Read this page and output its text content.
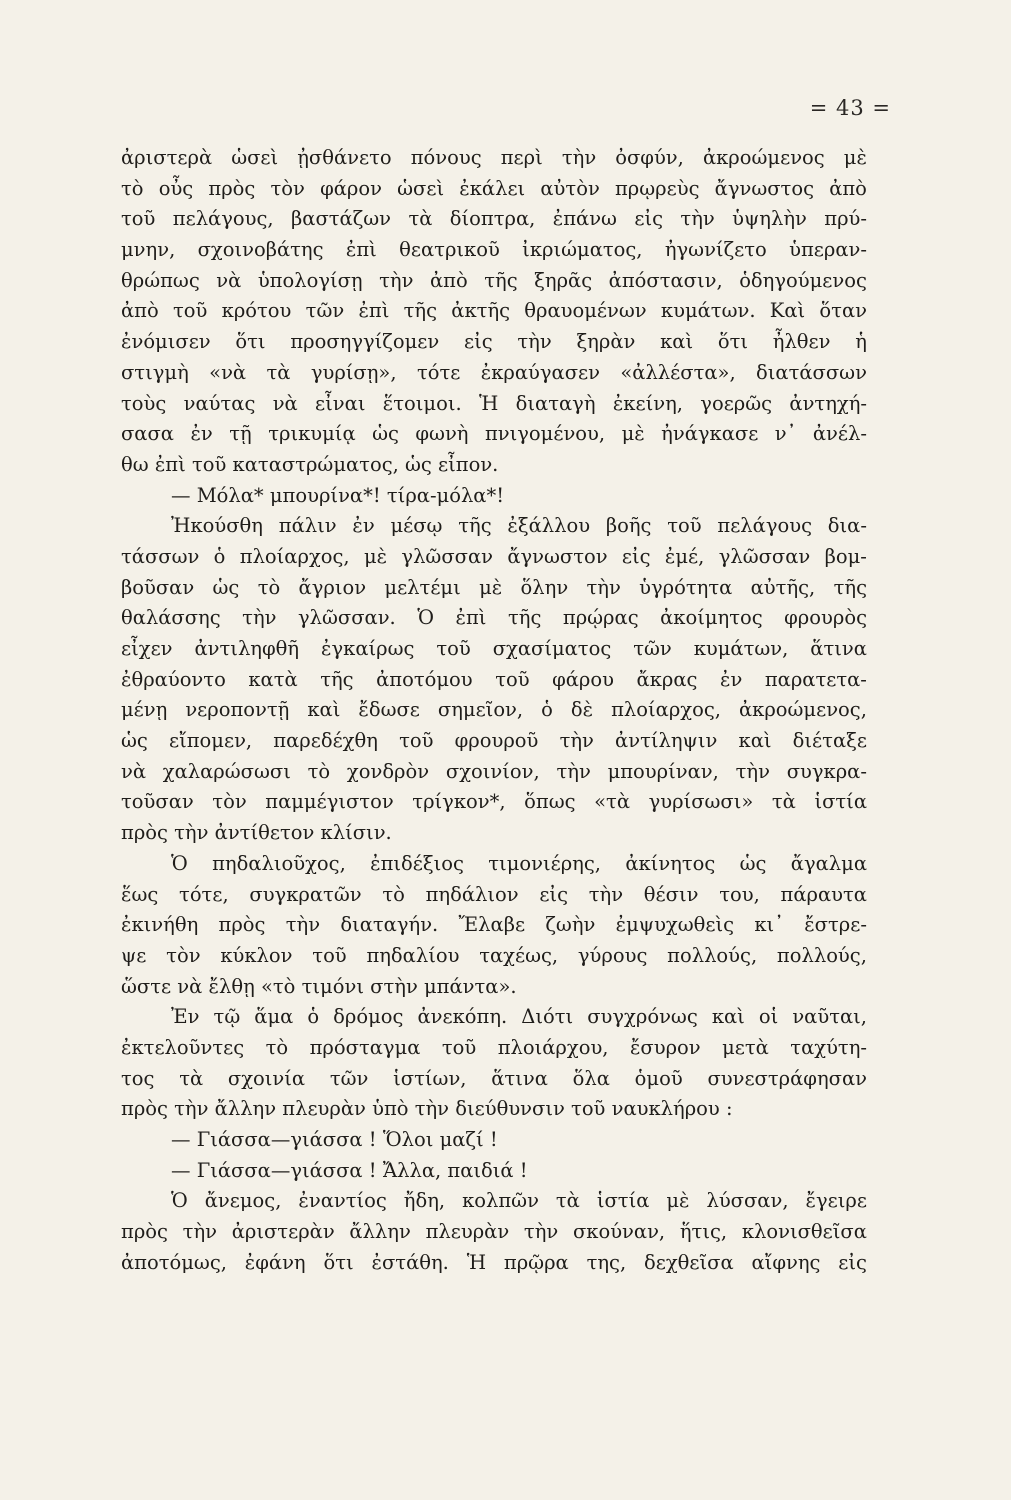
= 43 =
ἀριστερὰ ὡσεὶ ᾐσθάνετο πόνους περὶ τὴν ὀσφύν, ἀκροώμενος μὲ
τὸ οὖς πρὸς τὸν φάρον ὡσεὶ ἐκάλει αὐτὸν πρῳρεὺς ἄγνωστος ἀπὸ
τοῦ πελάγους, βαστάζων τὰ δίοπτρα, ἐπάνω εἰς τὴν ὑψηλὴν πρύ-
μνην, σχοινοβάτης ἐπὶ θεατρικοῦ ἰκριώματος, ἠγωνίζετο ὑπεραν-
θρώπως νὰ ὑπολογίσῃ τὴν ἀπὸ τῆς ξηρᾶς ἀπόστασιν, ὁδηγούμενος
ἀπὸ τοῦ κρότου τῶν ἐπὶ τῆς ἀκτῆς θραυομένων κυμάτων. Καὶ ὅταν
ἐνόμισεν ὅτι προσηγγίζομεν εἰς τὴν ξηρὰν καὶ ὅτι ἦλθεν ἡ
στιγμὴ «νὰ τὰ γυρίσῃ», τότε ἐκραύγασεν «ἀλλέστα», διατάσσων
τοὺς ναύτας νὰ εἶναι ἕτοιμοι. Ἡ διαταγὴ ἐκείνη, γοερῶς ἀντηχή-
σασα ἐν τῇ τρικυμίᾳ ὡς φωνὴ πνιγομένου, μὲ ἠνάγκασε ν᾽ ἀνέλ-
θω ἐπὶ τοῦ καταστρώματος, ὡς εἶπον.
— Μόλα* μπουρίνα*! τίρα-μόλα*!
Ἠκούσθη πάλιν ἐν μέσῳ τῆς ἐξάλλου βοῆς τοῦ πελάγους δια-
τάσσων ὁ πλοίαρχος, μὲ γλῶσσαν ἄγνωστον εἰς ἐμέ, γλῶσσαν βομ-
βοῦσαν ὡς τὸ ἄγριον μελτέμι μὲ ὅλην τὴν ὑγρότητα αὐτῆς, τῆς
θαλάσσης τὴν γλῶσσαν. Ὁ ἐπὶ τῆς πρῴρας ἀκοίμητος φρουρὸς
εἶχεν ἀντιληφθῆ ἐγκαίρως τοῦ σχασίματος τῶν κυμάτων, ἅτινα
ἐθραύοντο κατὰ τῆς ἀποτόμου τοῦ φάρου ἄκρας ἐν παρατετα-
μένῃ νεροποντῇ καὶ ἔδωσε σημεῖον, ὁ δὲ πλοίαρχος, ἀκροώμενος,
ὡς εἴπομεν, παρεδέχθη τοῦ φρουροῦ τὴν ἀντίληψιν καὶ διέταξε
νὰ χαλαρώσωσι τὸ χονδρὸν σχοινίον, τὴν μπουρίναν, τὴν συγκρα-
τοῦσαν τὸν παμμέγιστον τρίγκον*, ὅπως «τὰ γυρίσωσι» τὰ ἱστία
πρὸς τὴν ἀντίθετον κλίσιν.
Ὁ πηδαλιοῦχος, ἐπιδέξιος τιμονιέρης, ἀκίνητος ὡς ἄγαλμα
ἕως τότε, συγκρατῶν τὸ πηδάλιον εἰς τὴν θέσιν του, πάραυτα
ἐκινήθη πρὸς τὴν διαταγήν. Ἔλαβε ζωὴν ἐμψυχωθεὶς κι᾽ ἔστρε-
ψε τὸν κύκλον τοῦ πηδαλίου ταχέως, γύρους πολλούς, πολλούς,
ὥστε νὰ ἔλθῃ «τὸ τιμόνι στὴν μπάντα».
Ἐν τῷ ἅμα ὁ δρόμος ἀνεκόπη. Διότι συγχρόνως καὶ οἱ ναῦται,
ἐκτελοῦντες τὸ πρόσταγμα τοῦ πλοιάρχου, ἔσυρον μετὰ ταχύτη-
τος τὰ σχοινία τῶν ἱστίων, ἅτινα ὅλα ὁμοῦ συνεστράφησαν
πρὸς τὴν ἄλλην πλευρὰν ὑπὸ τὴν διεύθυνσιν τοῦ ναυκλήρου :
— Γιάσσα—γιάσσα ! Ὅλοι μαζί !
— Γιάσσα—γιάσσα ! Ἄλλα, παιδιά !
Ὁ ἄνεμος, ἐναντίος ἤδη, κολπῶν τὰ ἱστία μὲ λύσσαν, ἔγειρε
πρὸς τὴν ἀριστερὰν ἄλλην πλευρὰν τὴν σκούναν, ἥτις, κλονισθεῖσα
ἀποτόμως, ἐφάνη ὅτι ἐστάθη. Ἡ πρῷρα της, δεχθεῖσα αἴφνης εἰς
